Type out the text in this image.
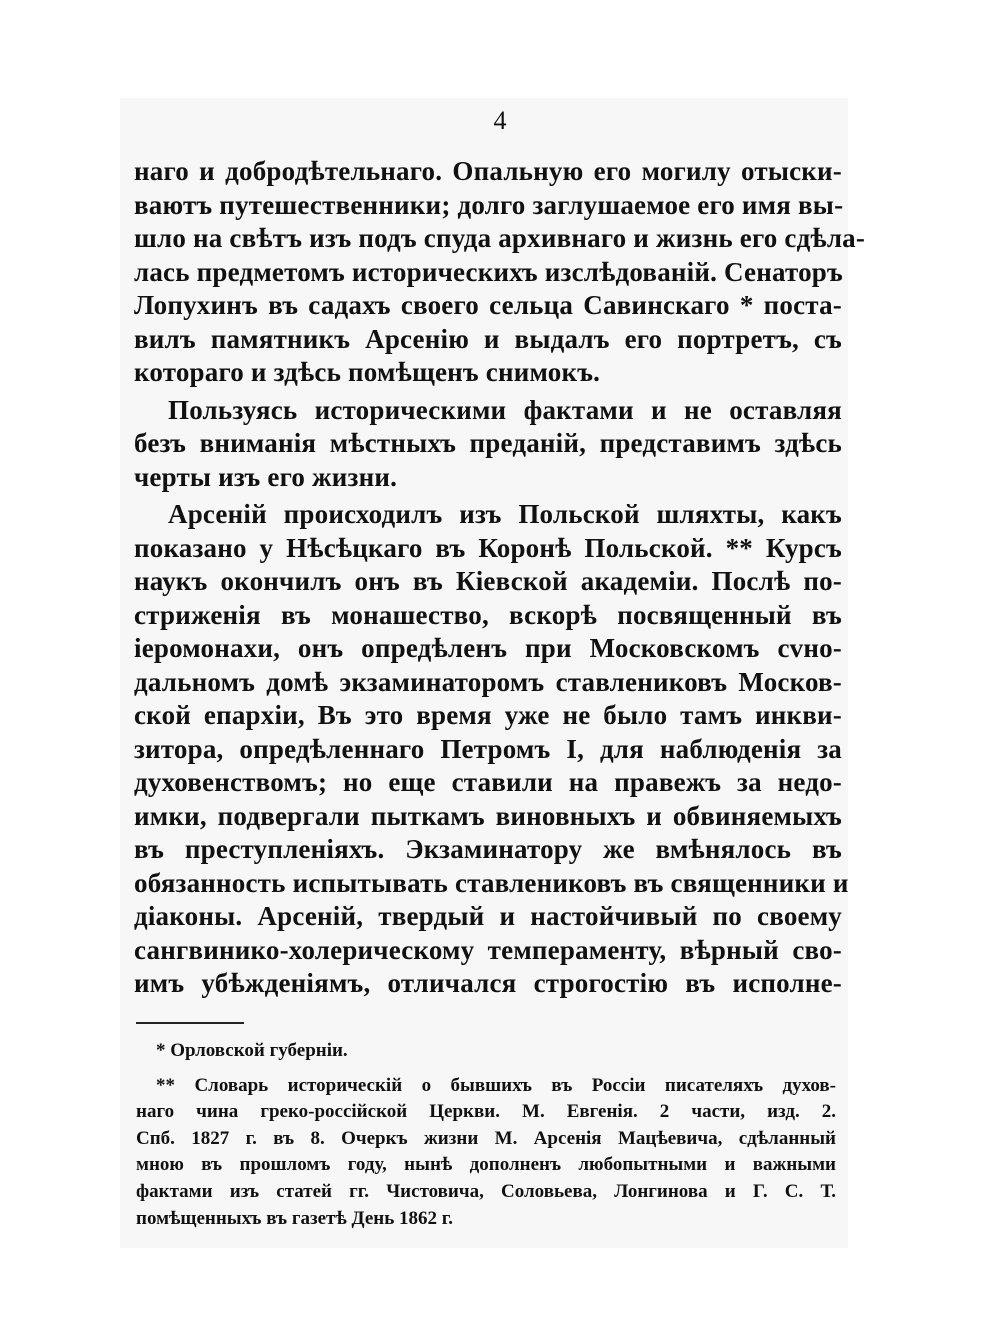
4
наго и добродѣтельнаго. Опальную его могилу отыски-
ваютъ путешественники; долго заглушаемое его имя вы-
шло на свѣтъ изъ подъ спуда архивнаго и жизнь его сдѣла-
лась предметомъ историческихъ изслѣдованій. Сенаторъ
Лопухинъ въ садахъ своего сельца Савинскаго * поста-
вилъ памятникъ Арсенію и выдалъ его портретъ, съ
котораго и здѣсь помѣщенъ снимокъ.
Пользуясь историческими фактами и не оставляя
безъ вниманія мѣстныхъ преданій, представимъ здѣсь
черты изъ его жизни.
Арсеній происходилъ изъ Польской шляхты, какъ
показано у Нѣсѣцкаго въ Коронѣ Польской. ** Курсъ
наукъ окончилъ онъ въ Кіевской академіи. Послѣ по-
стриженія въ монашество, вскорѣ посвященный въ
іеромонахи, онъ опредѣленъ при Московскомъ сvно-
дальномъ домѣ экзаминаторомъ ставлениковъ Москов-
ской епархіи, Въ это время уже не было тамъ инкви-
зитора, опредѣленнаго Петромъ I, для наблюденія за
духовенствомъ; но еще ставили на правежъ за недо-
имки, подвергали пыткамъ виновныхъ и обвиняемыхъ
въ преступленіяхъ. Экзаминатору же вмѣнялось въ
обязанность испытывать ставлениковъ въ священники и
діаконы. Арсеній, твердый и настойчивый по своему
сангвинико-холерическому темпераменту, вѣрный сво-
имъ убѣжденіямъ, отличался строгостію въ исполне-
* Орловской губерніи.
** Словарь историческій о бывшихъ въ Россіи писателяхъ духов-
наго чина греко-россійской Церкви. М. Евгенія. 2 части, изд. 2.
Спб. 1827 г. въ 8. Очеркъ жизни М. Арсенія Мацѣевича, сдѣланный
мною въ прошломъ году, нынѣ дополненъ любопытными и важными
фактами изъ статей гг. Чистовича, Соловьева, Лонгинова и Г. С. Т.
помѣщенныхъ въ газетѣ День 1862 г.
